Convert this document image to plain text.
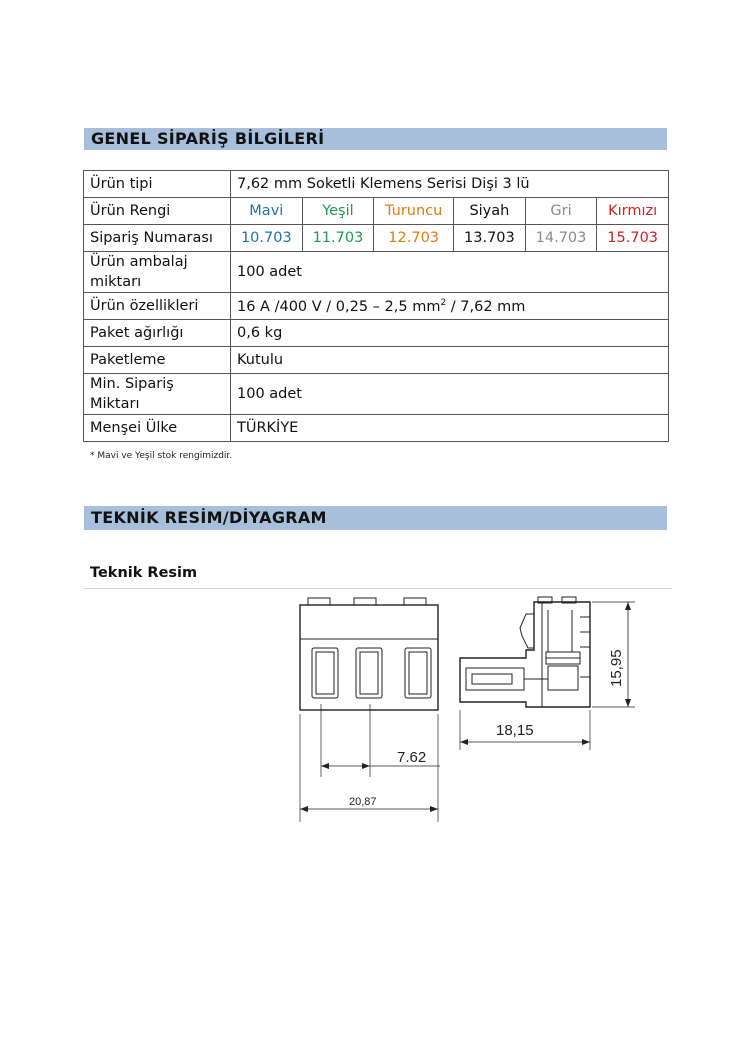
GENEL SİPARİŞ BİLGİLERİ
Ürün tipi	7,62 mm Soketli Klemens Serisi Dişi 3 lü					
Ürün Rengi	Mavi	Yeşil	Turuncu	Siyah	Gri	Kırmızı
Sipariş Numarası	10.703	11.703	12.703	13.703	14.703	15.703
Ürün ambalaj
miktarı	100 adet					
Ürün özellikleri	16 A /400 V / 0,25 – 2,5 $mm^2 / 7,62$ mm					
Paket ağırlığı	0,6 kg					
Paketleme	Kutulu					
Min. Sipariş
Miktarı	100 adet					
Menşei Ülke	TÜRKİYE					
* Mavi ve Yeşil stok rengimizdir.
TEKNİK RESİM/DİYAGRAM
Teknik Resim
7.62
20,87
18,15
15,95
